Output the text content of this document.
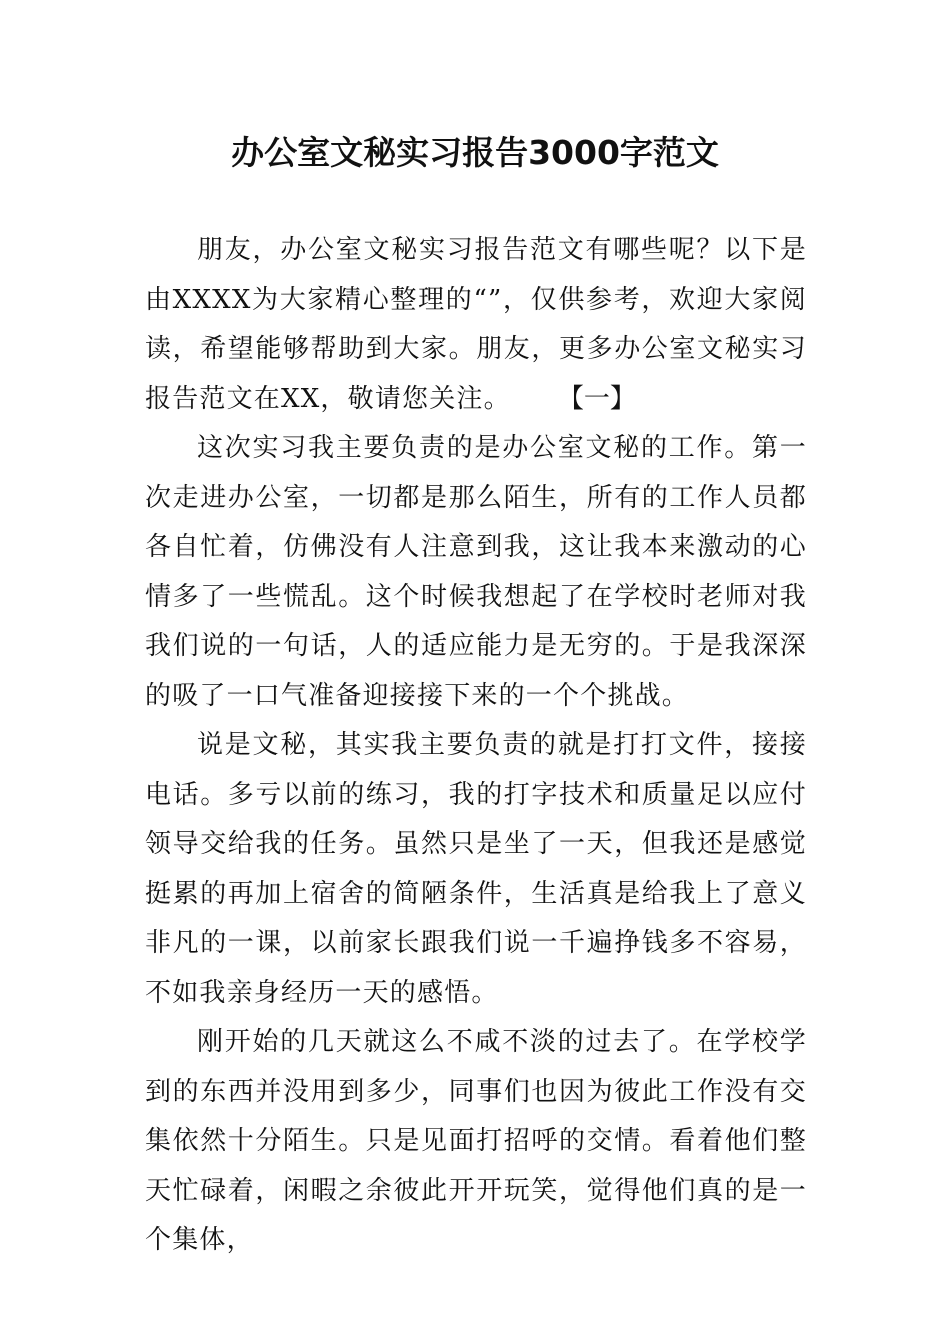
办公室文秘实习报告3000字范文

朋友，办公室文秘实习报告范文有哪些呢？以下是由XXXX为大家精心整理的“”，仅供参考，欢迎大家阅读，希望能够帮助到大家。朋友，更多办公室文秘实习报告范文在XX，敬请您关注。 【一】

这次实习我主要负责的是办公室文秘的工作。第一次走进办公室，一切都是那么陌生，所有的工作人员都各自忙着，仿佛没有人注意到我，这让我本来激动的心情多了一些慌乱。这个时候我想起了在学校时老师对我我们说的一句话，人的适应能力是无穷的。于是我深深的吸了一口气准备迎接接下来的一个个挑战。

说是文秘，其实我主要负责的就是打打文件，接接电话。多亏以前的练习，我的打字技术和质量足以应付领导交给我的任务。虽然只是坐了一天，但我还是感觉挺累的再加上宿舍的简陋条件，生活真是给我上了意义非凡的一课，以前家长跟我们说一千遍挣钱多不容易，不如我亲身经历一天的感悟。

刚开始的几天就这么不咸不淡的过去了。在学校学到的东西并没用到多少，同事们也因为彼此工作没有交集依然十分陌生。只是见面打招呼的交情。看着他们整天忙碌着，闲暇之余彼此开开玩笑，觉得他们真的是一个集体，
